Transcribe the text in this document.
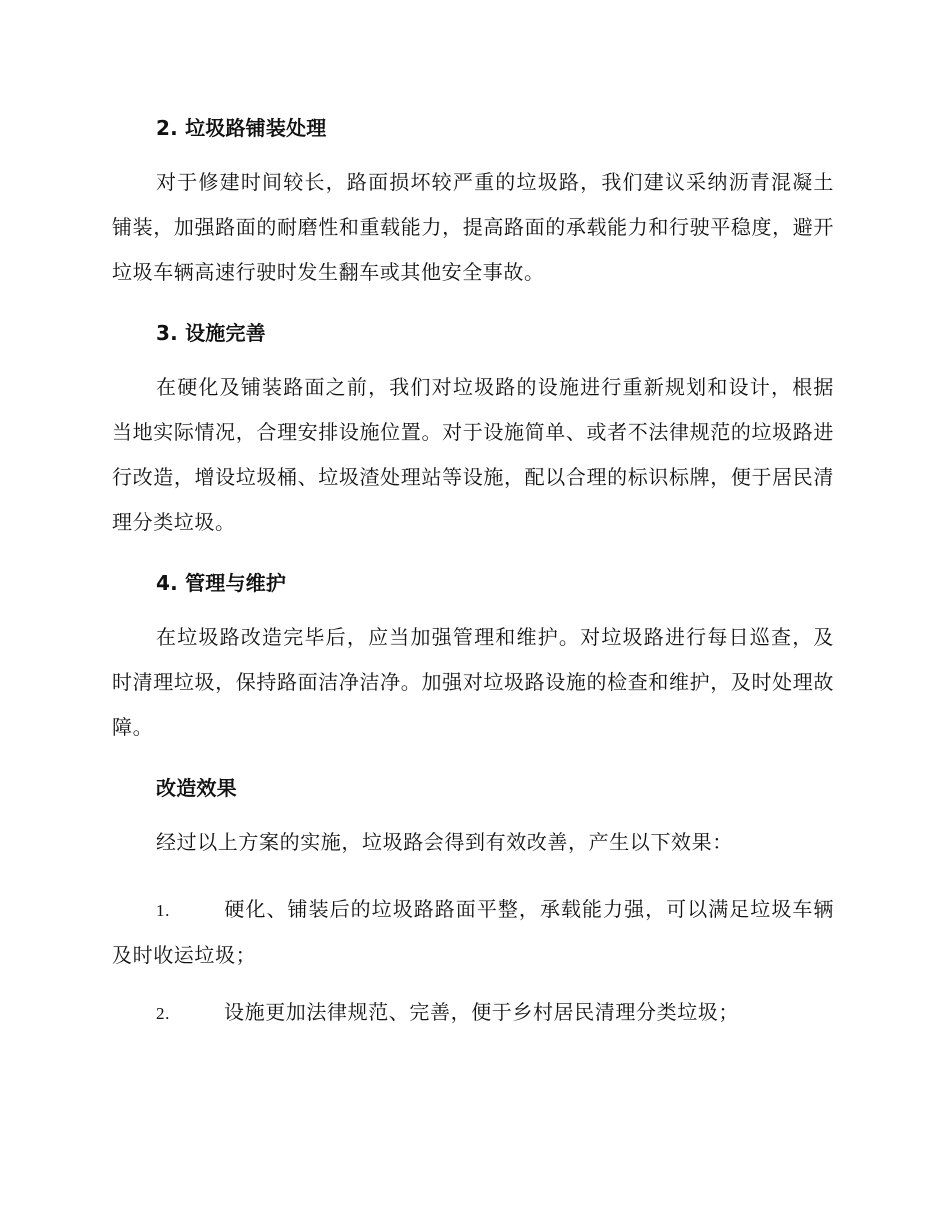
2. 垃圾路铺装处理
对于修建时间较长，路面损坏较严重的垃圾路，我们建议采纳沥青混凝土铺装，加强路面的耐磨性和重载能力，提高路面的承载能力和行驶平稳度，避开垃圾车辆高速行驶时发生翻车或其他安全事故。
3. 设施完善
在硬化及铺装路面之前，我们对垃圾路的设施进行重新规划和设计，根据当地实际情况，合理安排设施位置。对于设施简单、或者不法律规范的垃圾路进行改造，增设垃圾桶、垃圾渣处理站等设施，配以合理的标识标牌，便于居民清理分类垃圾。
4. 管理与维护
在垃圾路改造完毕后，应当加强管理和维护。对垃圾路进行每日巡查，及时清理垃圾，保持路面洁净洁净。加强对垃圾路设施的检查和维护，及时处理故障。
改造效果
经过以上方案的实施，垃圾路会得到有效改善，产生以下效果：
1.	硬化、铺装后的垃圾路路面平整，承载能力强，可以满足垃圾车辆及时收运垃圾；
2.	设施更加法律规范、完善，便于乡村居民清理分类垃圾；
